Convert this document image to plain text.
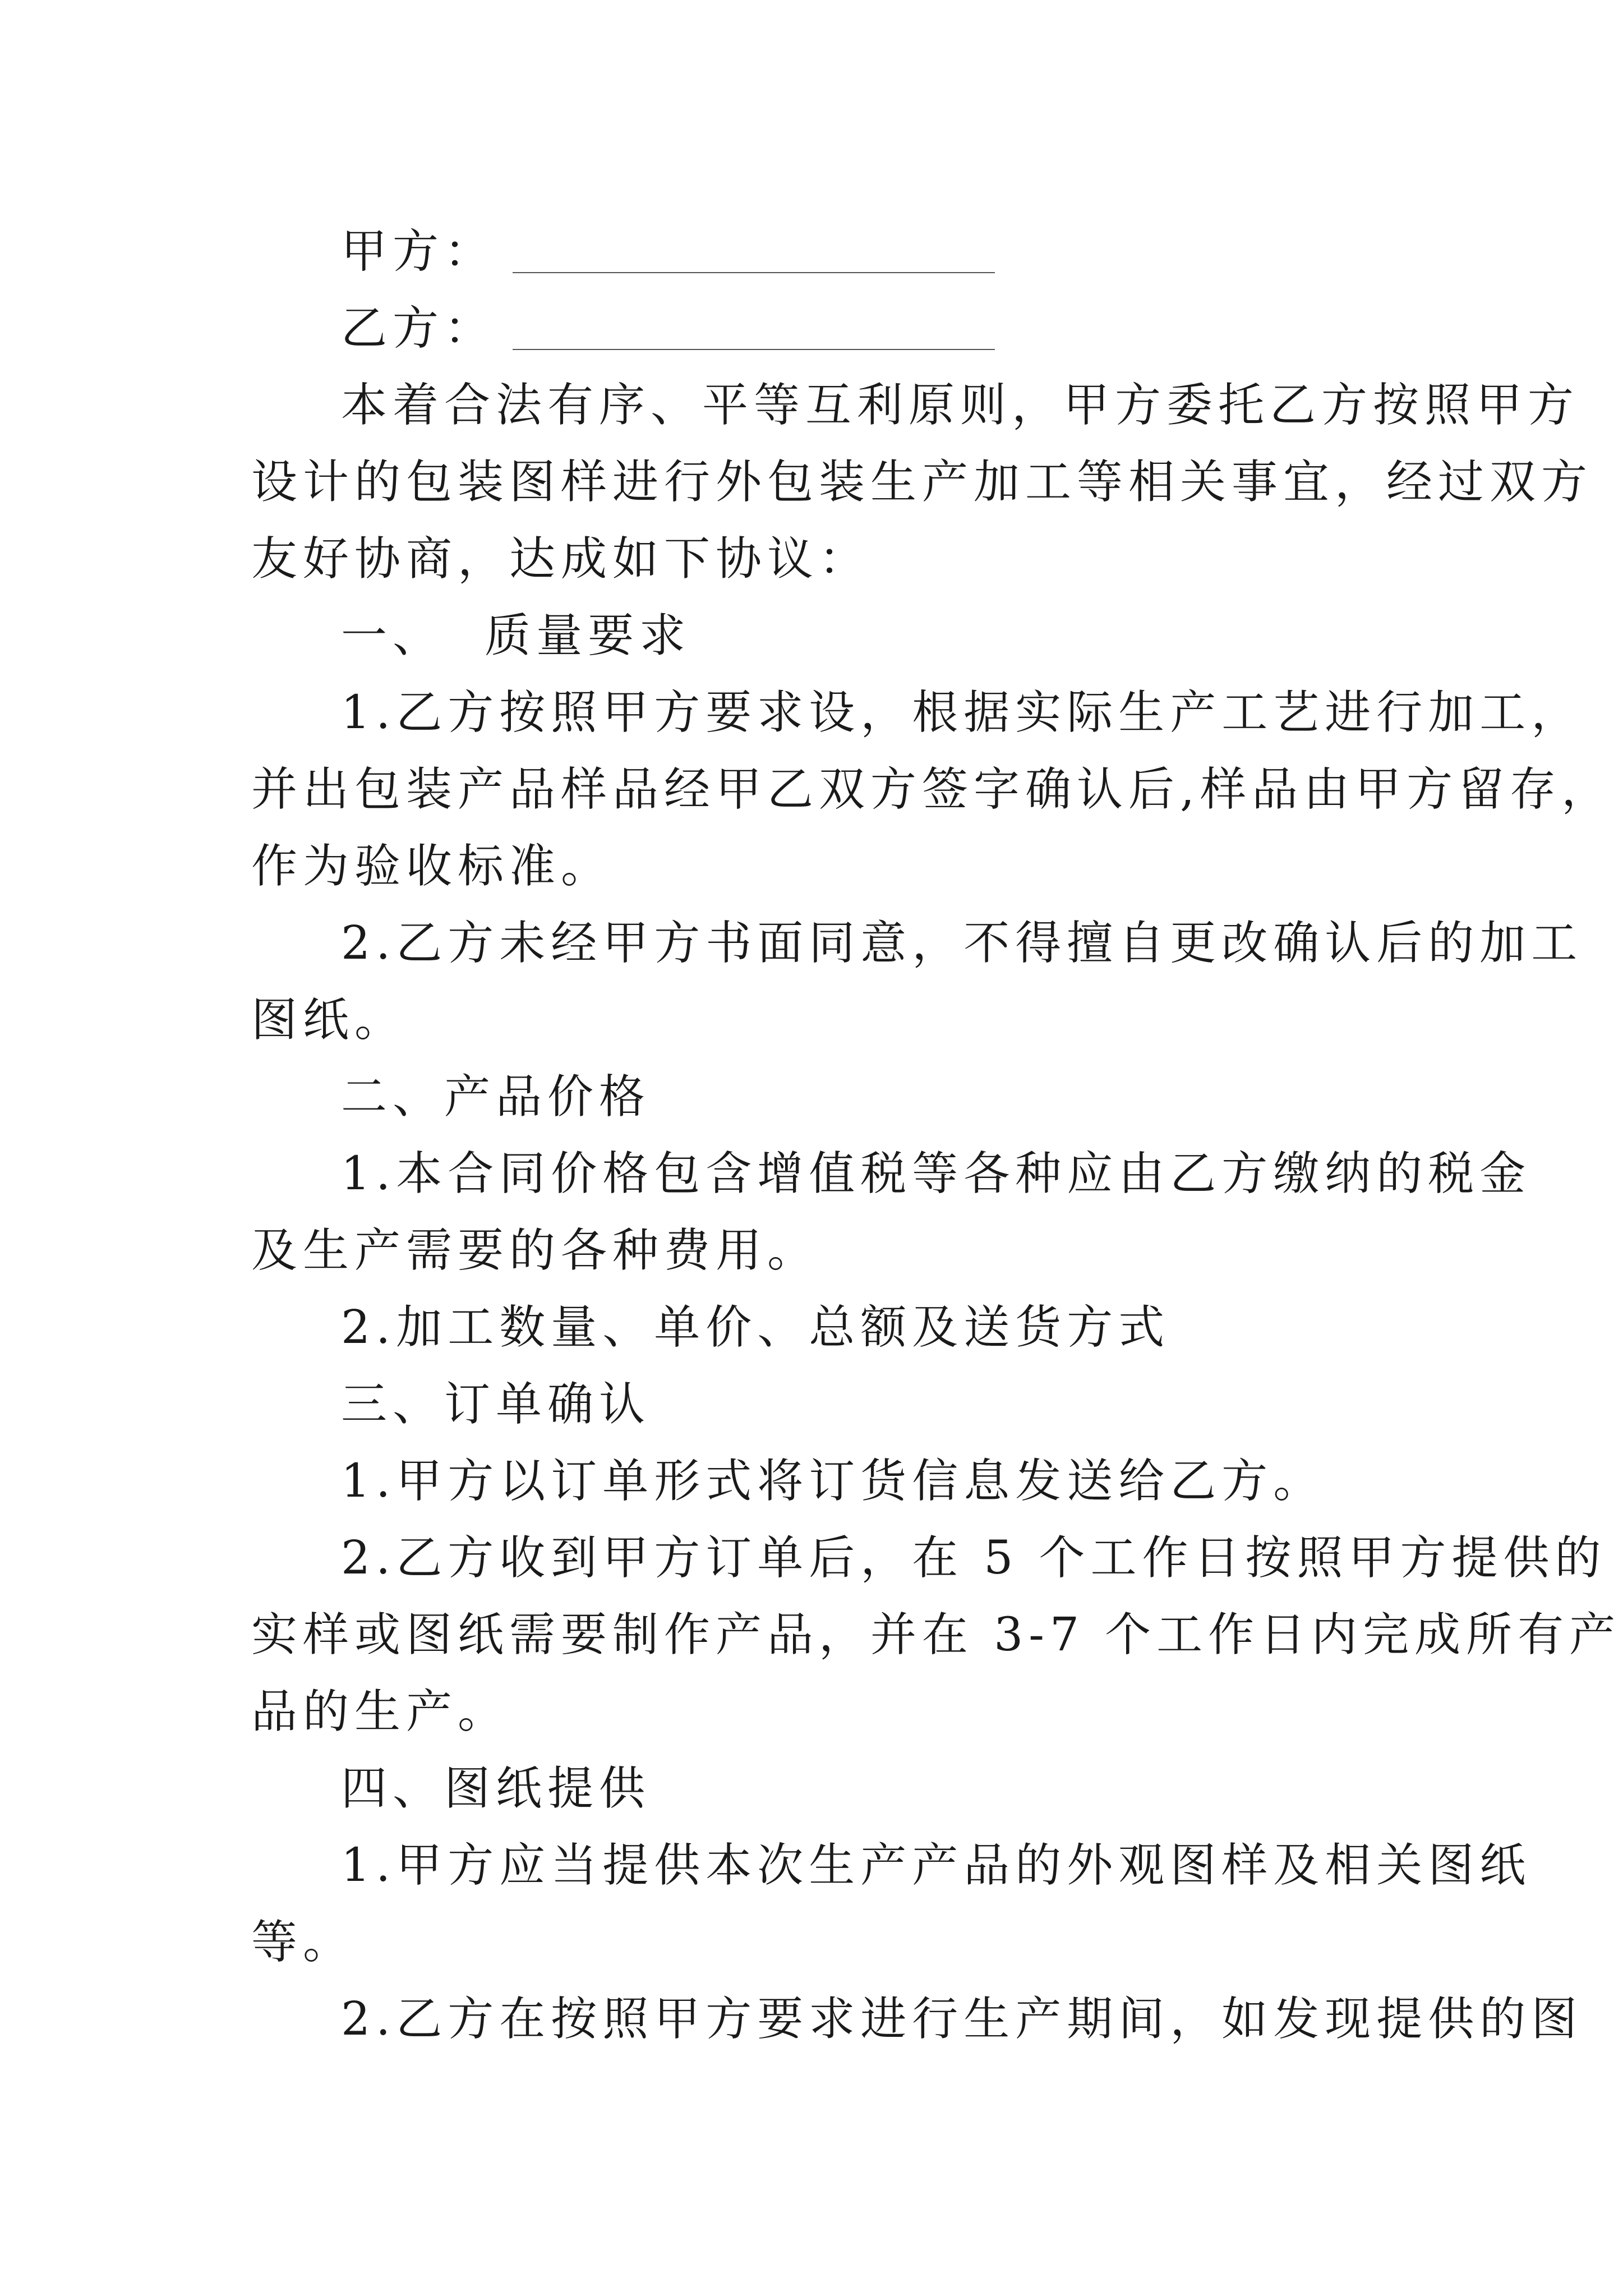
甲方：
乙方：

本着合法有序、平等互利原则，甲方委托乙方按照甲方

设计的包装图样进行外包装生产加工等相关事宜，经过双方

友好协商，达成如下协议：

一、  质量要求

1.乙方按照甲方要求设，根据实际生产工艺进行加工，

并出包装产品样品经甲乙双方签字确认后,样品由甲方留存，

作为验收标准。

2.乙方未经甲方书面同意，不得擅自更改确认后的加工

图纸。

二、产品价格

1.本合同价格包含增值税等各种应由乙方缴纳的税金

及生产需要的各种费用。

2.加工数量、单价、总额及送货方式

三、订单确认

1.甲方以订单形式将订货信息发送给乙方。

2.乙方收到甲方订单后，在 5 个工作日按照甲方提供的

实样或图纸需要制作产品，并在 3-7 个工作日内完成所有产

品的生产。

四、图纸提供

1.甲方应当提供本次生产产品的外观图样及相关图纸

等。

2.乙方在按照甲方要求进行生产期间，如发现提供的图
